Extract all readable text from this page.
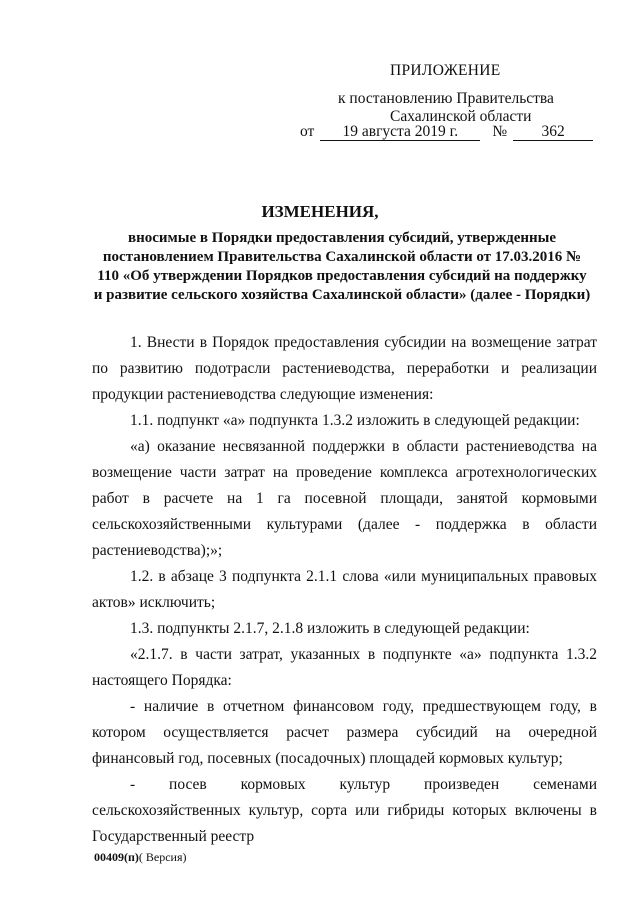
ПРИЛОЖЕНИЕ
к постановлению Правительства
Сахалинской области
от 19 августа 2019 г. № 362
ИЗМЕНЕНИЯ,
вносимые в Порядки предоставления субсидий, утвержденные постановлением Правительства Сахалинской области от 17.03.2016 № 110 «Об утверждении Порядков предоставления субсидий на поддержку и развитие сельского хозяйства Сахалинской области» (далее - Порядки)

1. Внести в Порядок предоставления субсидии на возмещение затрат по развитию подотрасли растениеводства, переработки и реализации продукции растениеводства следующие изменения:

1.1. подпункт «а» подпункта 1.3.2 изложить в следующей редакции:

«а) оказание несвязанной поддержки в области растениеводства на возмещение части затрат на проведение комплекса агротехнологических работ в расчете на 1 га посевной площади, занятой кормовыми сельскохозяйственными культурами (далее - поддержка в области растениеводства);»;

1.2. в абзаце 3 подпункта 2.1.1 слова «или муниципальных правовых актов» исключить;

1.3. подпункты 2.1.7, 2.1.8 изложить в следующей редакции:

«2.1.7. в части затрат, указанных в подпункте «а» подпункта 1.3.2 настоящего Порядка:

- наличие в отчетном финансовом году, предшествующем году, в котором осуществляется расчет размера субсидий на очередной финансовый год, посевных (посадочных) площадей кормовых культур;

- посев кормовых культур произведен семенами сельскохозяйственных культур, сорта или гибриды которых включены в Государственный реестр

00409(п)( Версия)
